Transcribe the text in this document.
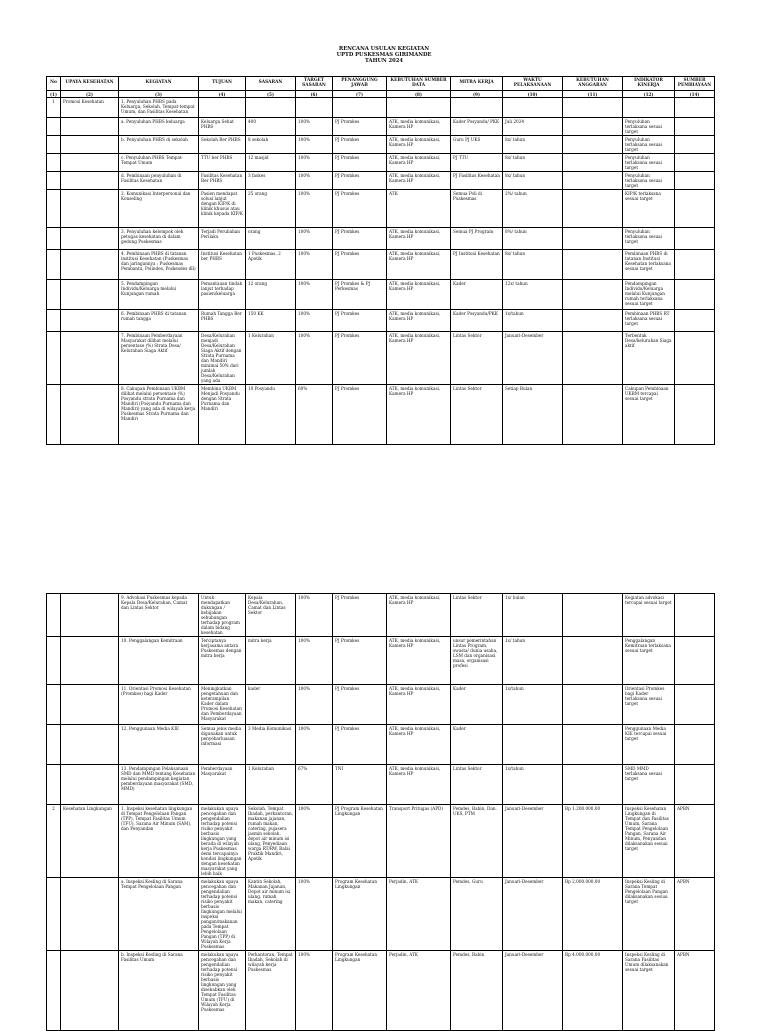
RENCANA USULAN KEGIATAN
UPTD PUSKESMAS GIRIMANDE
TAHUN 2024
No	UPAYA KESEHATAN	KEGIATAN	TUJUAN	SASARAN	TARGET SASARAN	PENANGGUNG JAWAB	KEBUTUHAN SUMBER DATA	MITRA KERJA	WAKTU PELAKSANAAN	KEBUTUHAN ANGGARAN	INDIKATOR KINERJA	SUMBER PEMBIAYAAN
(1)	(2)	(3)	(4)	(5)	(6)	(7)	(8)	(9)	(10)	(11)	(12)	(14)
1	Promosi Kesehatan	1. Penyuluhan PHBS pada Keluarga, Sekolah, Tempat-tempat Umum, dan Fasilitas Kesehatan										
		a. Penyuluhan PHBS keluarga	Keluarga Sehat PHBS	400	100%	PJ Promkes	ATK, media komunikasi, Kamera HP	Kader Posyandu/ PKK	Juli 2024		Penyuluhan terlaksana sesuai target	
		b. Penyuluhan PHBS di sekolah	Sekolah Ber PHBS	8 sekolah	100%	PJ Promkes	ATK, media komunikasi, Kamera HP	Guru PJ UKS	8x/ tahun		Penyuluhan terlaksana sesuai target	
		c. Penyuluhan PHBS Tempat-Tempat Umum	TTU ber PHBS	12 masjid	100%	PJ Promkes	ATK, media komunikasi, Kamera HP	PJ TTU	8x/ tahun		Penyuluhan terlaksana sesuai target	
		d. Pembinaan penyuluhan di Fasilitas Kesehatan	Fasilitas Kesehatan Ber PHBS	3 faskes	100%	PJ Promkes	ATK, media komunikasi, Kamera HP	PJ Fasilitas Kesehatan	8x/ tahun		Penyuluhan terlaksana sesuai target	
		2. Komunikasi Interpersonal dan Konseling	Pasien mendapat solusi lanjut dengan KIP/K di klinik khusus atau klinik kepada KIP/K	25 orang	100%	PJ Promkes	ATK	Semua Poli di Puskesmas	2%/ tahun		KIP/K terlaksana sesuai target	
		3. Penyuluhan kelompok oleh petugas kesehatan di dalam gedung Puskesmas	Terjadi Perubahan Perilaku	orang	100%	PJ Promkes	ATK, media komunikasi, Kamera HP	Semua PJ Program	8%/ tahun		Penyuluhan terlaksana sesuai target	
		4. Pembinaan PHBS di tatanan institusi Kesehatan (Puskesmas dan jaringannya : Puskesmas Pembantu, Polindes, Poskesdes dll)	Institusi Kesehatan ber PHBS	1 Puskesmas, 2 Apotik	100%	PJ Promkes	ATK, media komunikasi, Kamera HP	PJ Institusi Kesehatan	8x/ tahun		Pembinaan PHBS di tatanan Institusi Kesehatan terlaksana sesuai target	
		5. Pendampingan Individu/Keluarga melalui Kunjungan rumah	Pemantauan tindak lanjut terhadap pasien/keluarga	12 orang	100%	PJ Promkes & PJ Perkesmas	ATK, media komunikasi, Kamera HP	Kader	12x/ tahun		Pendampingan Individu/Keluarga melalui Kunjungan rumah terlaksana sesuai target	
		6. Pembinaan PHBS di tatanan rumah tangga	Rumah Tangga Ber PHBS	150 KK	100%	PJ Promkes	ATK, media komunikasi, Kamera HP	Kader Posyandu/PKK	1x/tahun		Pembinaan PHBS RT terlaksana sesuai target	
		7. Pembinaan Pemberdayaan Masyarakat dilihat melalui persentase (%) Strata Desa/ Kelurahan Siaga Aktif	Desa/Kelurahan menjadi Desa/Kelurahan Siaga Aktif dengan Strata Purnama dan Mandiri minimal 50% dari jumlah Desa/Kelurahan yang ada	1 Kelurahan	100%	PJ Promkes	ATK, media komunikasi, Kamera HP	Lintas Sektor	Januari-Desember		Terbentuk Desa/kelurahan Siaga aktif	
		8. Cakupan Pembinaan UKBM dilihat melalui persentase (%) Posyandu strata Purnama dan Mandiri (Posyandu Purnama dan Mandiri) yang ada di wilayah kerja Puskesmas Strata Purnama dan Mandiri	Membina UKBM Menjadi Posyandu dengan Strata Purnama dan Mandiri	10 Posyandu	60%	PJ Promkes	ATK, media komunikasi, Kamera HP	Lintas Sektor	Setiap Bulan		Cakupan Pembinaan UKBM tercapai sesuai target	
		9. Advokasi Puskesmas kepada Kepala Desa/Kelurahan, Camat dan Lintas Sektor	Untuk mendapatkan dukungan / kebijakan sehubungan terhadap program dalam bidang kesehatan	Kepala Desa/Kelurahan, Camat dan Lintas Sektor	100%	PJ Promkes	ATK, media komunikasi, Kamera HP	Lintas Sektor	1x/ bulan		Kegiatan advokasi tercapai sesuai target	
		10. Penggalangan Kemitraan	Terciptanya kerjasama antara Puskesmas dengan mitra kerja	mitra kerja	100%	PJ Promkes	ATK, media komunikasi, Kamera HP	unsur pemerintahan Lintas Program, swasta/ dunia usaha, LSM dan organisasi masa, organisasi profesi	1x/ tahun		Penggalangan Kemitraan terlaksana sesuai target	
		11. Orientasi Promosi Kesehatan (Promkes) bagi Kader	Meningkatkan pengetahuan dan keterampilan Kader dalam Promosi Kesehatan dan Pemberdayaan Masyarakat	kader	100%	PJ Promkes	ATK, media komunikasi, Kamera HP	Kader	1x/tahun		Orientasi Promkes bagi Kader terlaksana sesuai target	
		12. Penggunaan Media KIE	Semua jenis media digunakan untuk penyebarluasan informasi	3 Media Komunikasi	100%	PJ Promkes	ATK, media komunikasi, Kamera HP	Kader			Penggunaan Media KIE tercapai sesuai target	
		13. Pendampingan Pelaksanaan SMD dan MMD tentang Kesehatan melalui pendampingan kegiatan pemberdayaan masyarakat (SMD, MMD)	Pemberdayaan Masyarakat	1 Kelurahan	67%	TNI	ATK, media komunikasi, Kamera HP	Lintas Sektor	1x/tahun		SMD MMD terlaksana sesuai target	
2	Kesehatan Lingkungan	1. Inspeksi kesehatan lingkungan di Tempat Pengelolaan Pangan (TPP), Tempat Fasilitas Umum (TFU), Sarana Air Minum (SAM), dan Penyandan	melakukan upaya pencegahan dan pengendalian terhadap potensi risiko penyakit berbasis lingkungan yang berada di wilayah kerja Puskesmas demi tercapainya kondisi lingkungan dengan kesehatan masyarakat yang lebih baik	Sekolah, Tempat Ibadah, perkantoran, makanan jajanan, rumah makan, catering, pujasera jasmin sekolah, depot air minum isi ulang, Penyediaan warga RT/RW, Balai Praktik Mandiri, Apotik	100%	PJ Program Kesehatan Lingkungan	Transport Pritugas (APD)	Pemdes, Babin, Dan. UKS, PTM	Januari-Desember	Rp 1.200.000,00	Inspeksi Kesehatan Lingkungan di Tempat dan Fasilitas Umum, Sarana Tempat Pengelolaan Pangan, Sarana Air Minum, Penyandan dilaksanakan sesuai target	APBN
		a. Inspeksi Kesling di Sarana Tempat Pengelolaan Pangan	melakukan upaya pencegahan dan pengendalian terhadap potensi risiko penyakit berbasis lingkungan melalui inspeksi pangan/makanan pada Tempat Pengelolaan Pangan (TPP) di Wilayah Kerja Puskesmas	Kantin Sekolah, Makanan Jajanan, Depot air minum isi ulang, rumah makan, catering	100%	Program Kesehatan Lingkungan	Perjadin, ATK	Pemdes, Guru	Januari-Desember	Rp 2.000.000,00	Inspeksi Kesling di Sarana Tempat Pengelolaan Pangan dilaksanakan sesuai target	APBN
		b. Inspeksi Kesling di Sarana Fasilitas Umum	melakukan upaya pencegahan dan pengendalian terhadap potensi risiko penyakit berbasis lingkungan yang disebabkan oleh Tempat Fasilitas Umum (TFU) di Wilayah Kerja Puskesmas	Perkantoran, Tempat Ibadah, Sekolah di wilayah kerja Puskesmas	100%	Program Kesehatan Lingkungan	Perjadin, ATK	Pemdes, Babin	Januari-Desember	Rp 4.000.000,00	Inspeksi Kesling di Sarana Fasilitas Umum dilaksanakan sesuai target	APBN
